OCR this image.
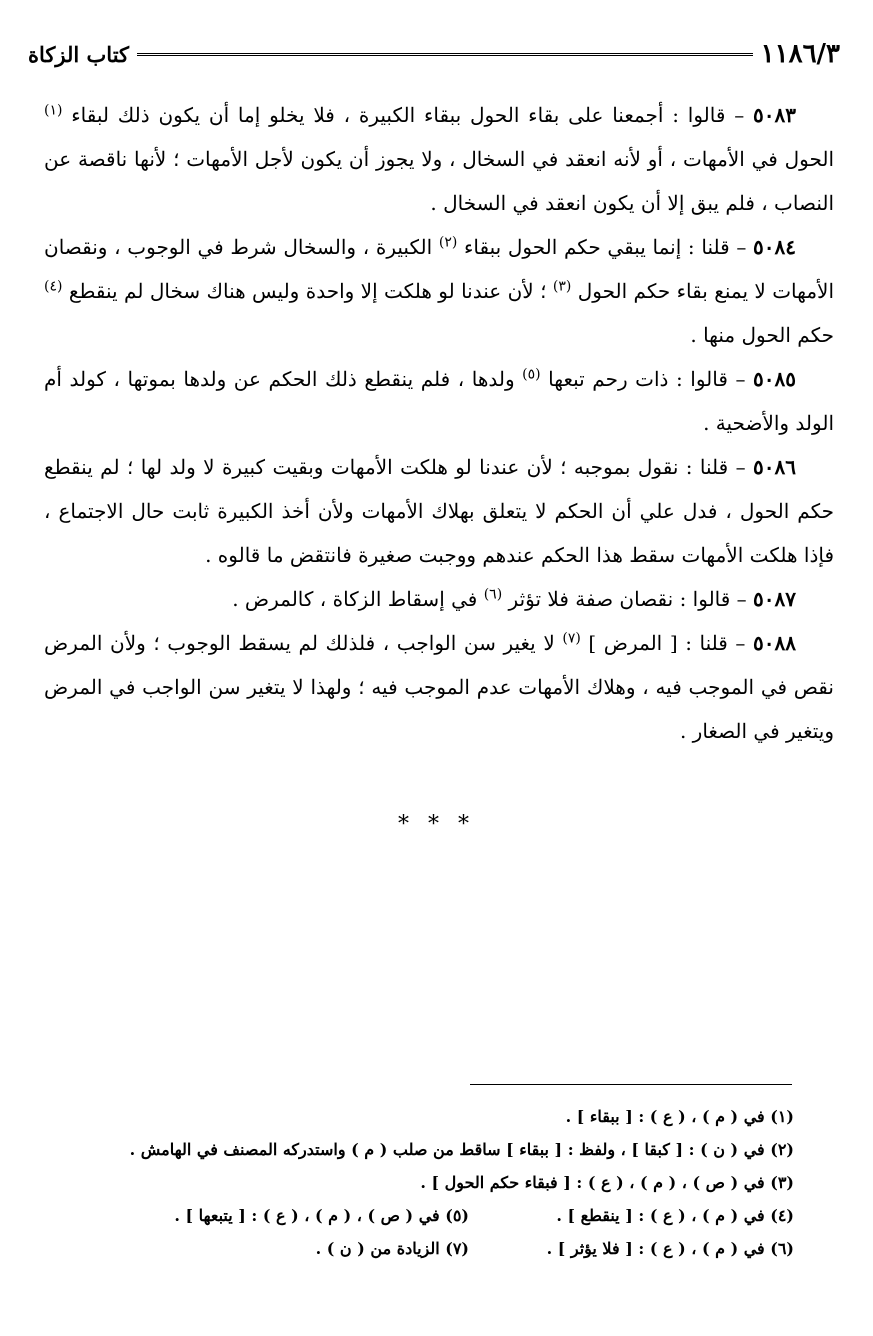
١١٨٦/٣
كتاب الزكاة

٥٠٨٣ – قالوا : أجمعنا على بقاء الحول ببقاء الكبيرة ، فلا يخلو إما أن يكون ذلك لبقاء $^{(١)}$ الحول في الأمهات ، أو لأنه انعقد في السخال ، ولا يجوز أن يكون لأجل الأمهات ؛ لأنها ناقصة عن النصاب ، فلم يبق إلا أن يكون انعقد في السخال .

٥٠٨٤ – قلنا : إنما يبقي حكم الحول ببقاء $^{(٢)}$ الكبيرة ، والسخال شرط في الوجوب ، ونقصان الأمهات لا يمنع بقاء حكم الحول $^{(٣)}$ ؛ لأن عندنا لو هلكت إلا واحدة وليس هناك سخال لم ينقطع $^{(٤)}$ حكم الحول منها .

٥٠٨٥ – قالوا : ذات رحم تبعها $^{(٥)}$ ولدها ، فلم ينقطع ذلك الحكم عن ولدها بموتها ، كولد أم الولد والأضحية .

٥٠٨٦ – قلنا : نقول بموجبه ؛ لأن عندنا لو هلكت الأمهات وبقيت كبيرة لا ولد لها ؛ لم ينقطع حكم الحول ، فدل علي أن الحكم لا يتعلق بهلاك الأمهات ولأن أخذ الكبيرة ثابت حال الاجتماع ، فإذا هلكت الأمهات سقط هذا الحكم عندهم ووجبت صغيرة فانتقض ما قالوه .

٥٠٨٧ – قالوا : نقصان صفة فلا تؤثر $^{(٦)}$ في إسقاط الزكاة ، كالمرض .

٥٠٨٨ – قلنا : [ المرض ] $^{(٧)}$ لا يغير سن الواجب ، فلذلك لم يسقط الوجوب ؛ ولأن المرض نقص في الموجب فيه ، وهلاك الأمهات عدم الموجب فيه ؛ ولهذا لا يتغير سن الواجب في المرض ويتغير في الصغار .

* * *
(١) في ( م ) ، ( ع ) : [ ببقاء ] .
(٢) في ( ن ) : [ كبقا ] ، ولفظ : [ ببقاء ] ساقط من صلب ( م ) واستدركه المصنف في الهامش .
(٣) في ( ص ) ، ( م ) ، ( ع ) : [ فبقاء حكم الحول ] .
(٤) في ( م ) ، ( ع ) : [ ينقطع ] .
(٥) في ( ص ) ، ( م ) ، ( ع ) : [ يتبعها ] .
(٦) في ( م ) ، ( ع ) : [ فلا يؤثر ] .
(٧) الزيادة من ( ن ) .
